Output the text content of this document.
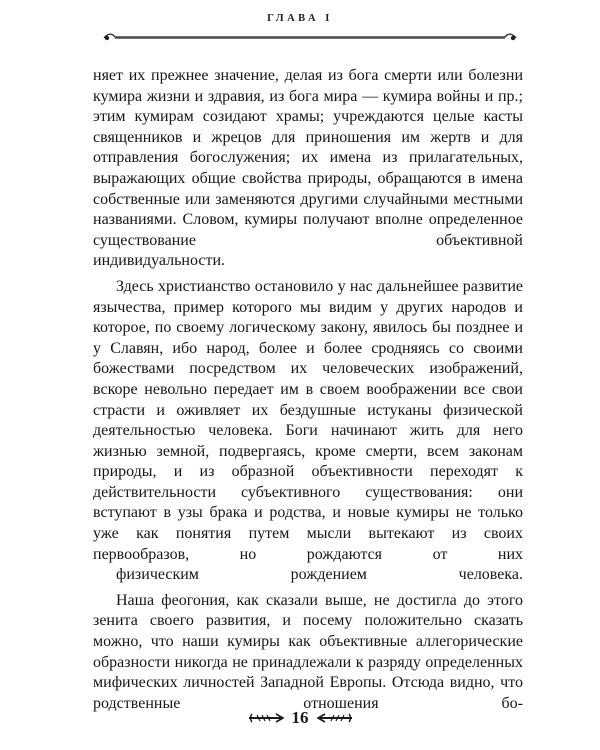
ГЛАВА I

няет их прежнее значение, делая из бога смерти или болезни кумира жизни и здравия, из бога мира — кумира войны и пр.; этим кумирам созидают храмы; учреждаются целые касты священников и жрецов для приношения им жертв и для отправления богослужения; их имена из прилагательных, выражающих общие свойства природы, обращаются в имена собственные или заменяются другими случайными местными названиями. Словом, кумиры получают вполне определенное существование объективной
индивидуальности.

Здесь христианство остановило у нас дальнейшее развитие язычества, пример которого мы видим у других народов и которое, по своему логическому закону, явилось бы позднее и у Славян, ибо народ, более и более сродняясь со своими божествами посредством их человеческих изображений, вскоре невольно передает им в своем воображении все свои страсти и оживляет их бездушные истуканы физической деятельностью человека. Боги начинают жить для него жизнью земной, подвергаясь, кроме смерти, всем законам природы, и из образной объективности переходят к действительности субъективного существования: они вступают в узы брака и родства, и новые кумиры не только уже как понятия путем мысли вытекают из своих первообразов, но рождаются от них
физическим рождением человека.

Наша феогония, как сказали выше, не достигла до этого зенита своего развития, и посему положительно сказать можно, что наши кумиры как объективные аллегорические образности никогда не принадлежали к разряду определенных мифических личностей Западной Европы. Отсюда видно, что родственные отношения бо-

16
